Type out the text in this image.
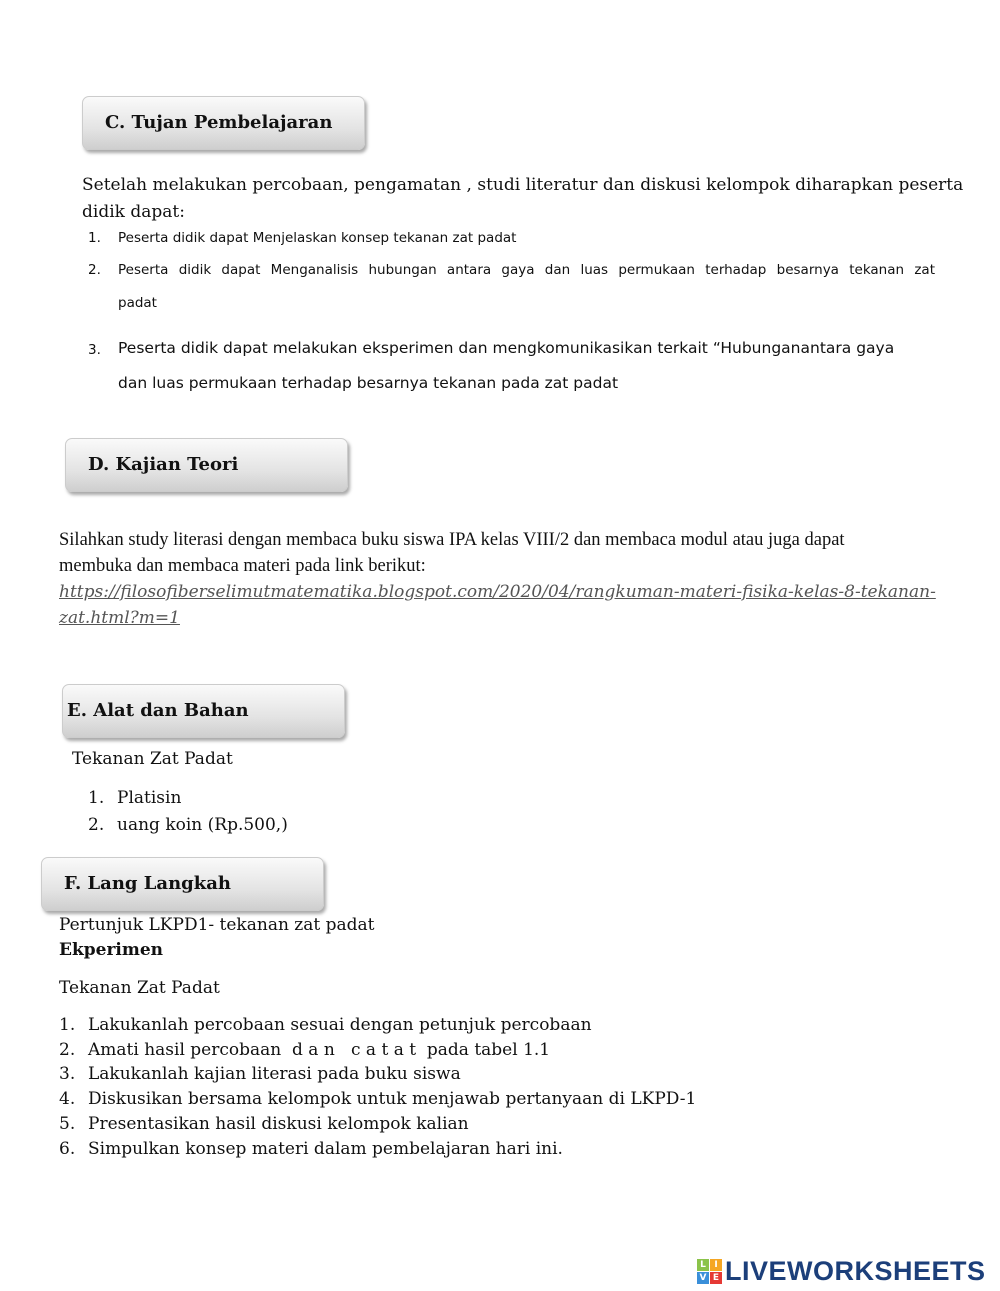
C. Tujan Pembelajaran
Setelah melakukan percobaan, pengamatan , studi literatur dan diskusi kelompok diharapkan peserta
didik dapat:
1. Peserta didik dapat Menjelaskan konsep tekanan zat padat
2. Peserta didik dapat Menganalisis hubungan antara gaya dan luas permukaan terhadap besarnya tekanan zat
padat
3. Peserta didik dapat melakukan eksperimen dan mengkomunikasikan terkait “Hubunganantara gaya
dan luas permukaan terhadap besarnya tekanan pada zat padat
D. Kajian Teori
Silahkan study literasi dengan membaca buku siswa IPA kelas VIII/2 dan membaca modul atau juga dapat
membuka dan membaca materi pada link berikut:
https://filosofiberselimutmatematika.blogspot.com/2020/04/rangkuman-materi-fisika-kelas-8-tekanan-
zat.html?m=1
E. Alat dan Bahan
Tekanan Zat Padat
1. Platisin
2. uang koin (Rp.500,)
F. Lang Langkah
Pertunjuk LKPD1- tekanan zat padat
Ekperimen
Tekanan Zat Padat
1. Lakukanlah percobaan sesuai dengan petunjuk percobaan
2. Amati hasil percobaan  d a n   c a t a t  pada tabel 1.1
3. Lakukanlah kajian literasi pada buku siswa
4. Diskusikan bersama kelompok untuk menjawab pertanyaan di LKPD-1
5. Presentasikan hasil diskusi kelompok kalian
6. Simpulkan konsep materi dalam pembelajaran hari ini.
L I
V E LIVEWORKSHEETS
